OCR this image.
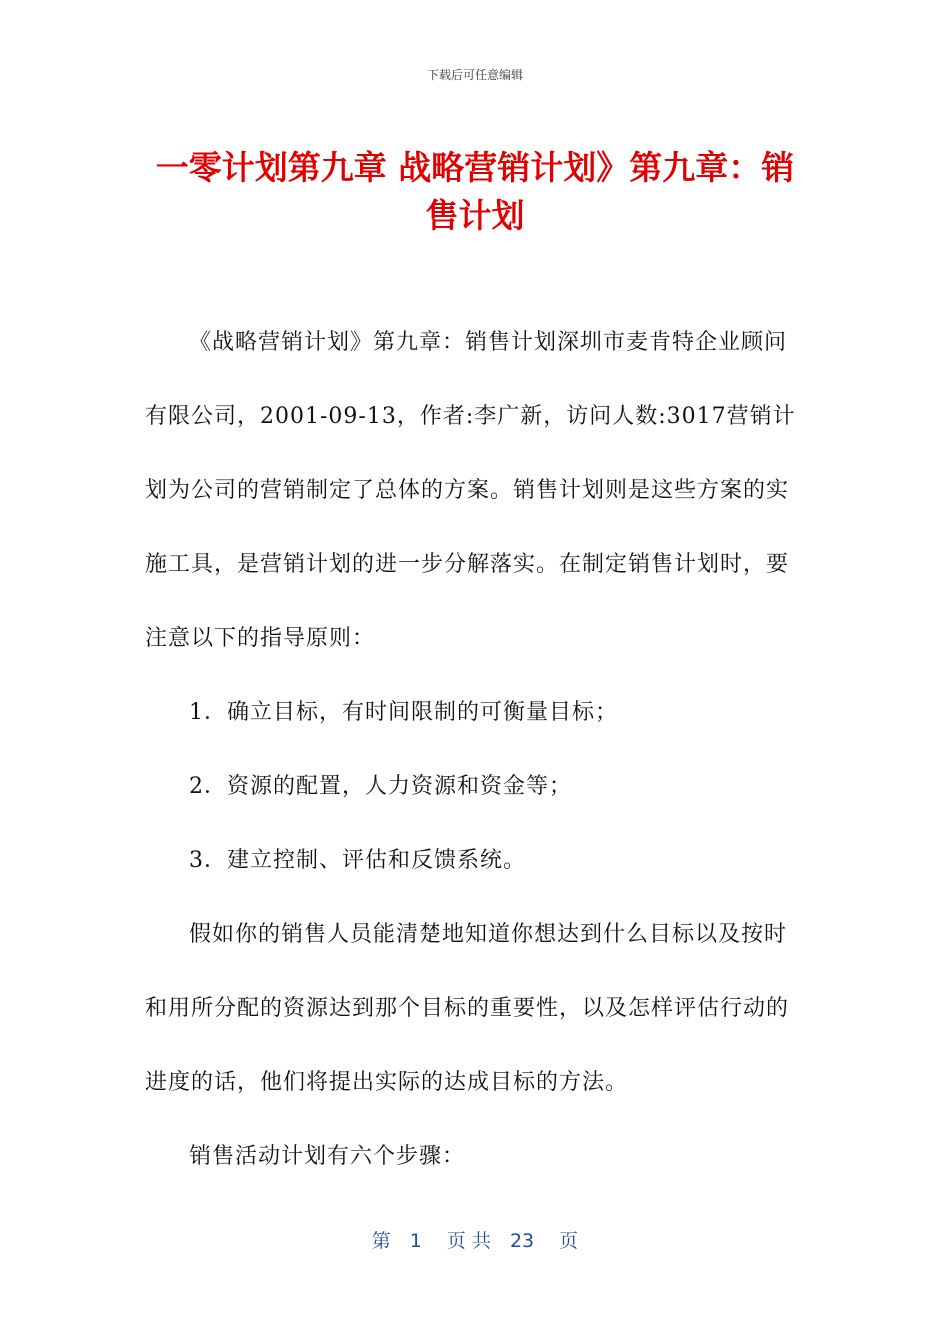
下载后可任意编辑
一零计划第九章 战略营销计划》第九章：销售计划

《战略营销计划》第九章：销售计划深圳市麦肯特企业顾问有限公司，2001-09-13，作者:李广新，访问人数:3017营销计划为公司的营销制定了总体的方案。销售计划则是这些方案的实施工具，是营销计划的进一步分解落实。在制定销售计划时，要注意以下的指导原则：

1．确立目标，有时间限制的可衡量目标；

2．资源的配置，人力资源和资金等；

3．建立控制、评估和反馈系统。

假如你的销售人员能清楚地知道你想达到什么目标以及按时和用所分配的资源达到那个目标的重要性，以及怎样评估行动的进度的话，他们将提出实际的达成目标的方法。

销售活动计划有六个步骤：

第　1　 页 共　23　 页
